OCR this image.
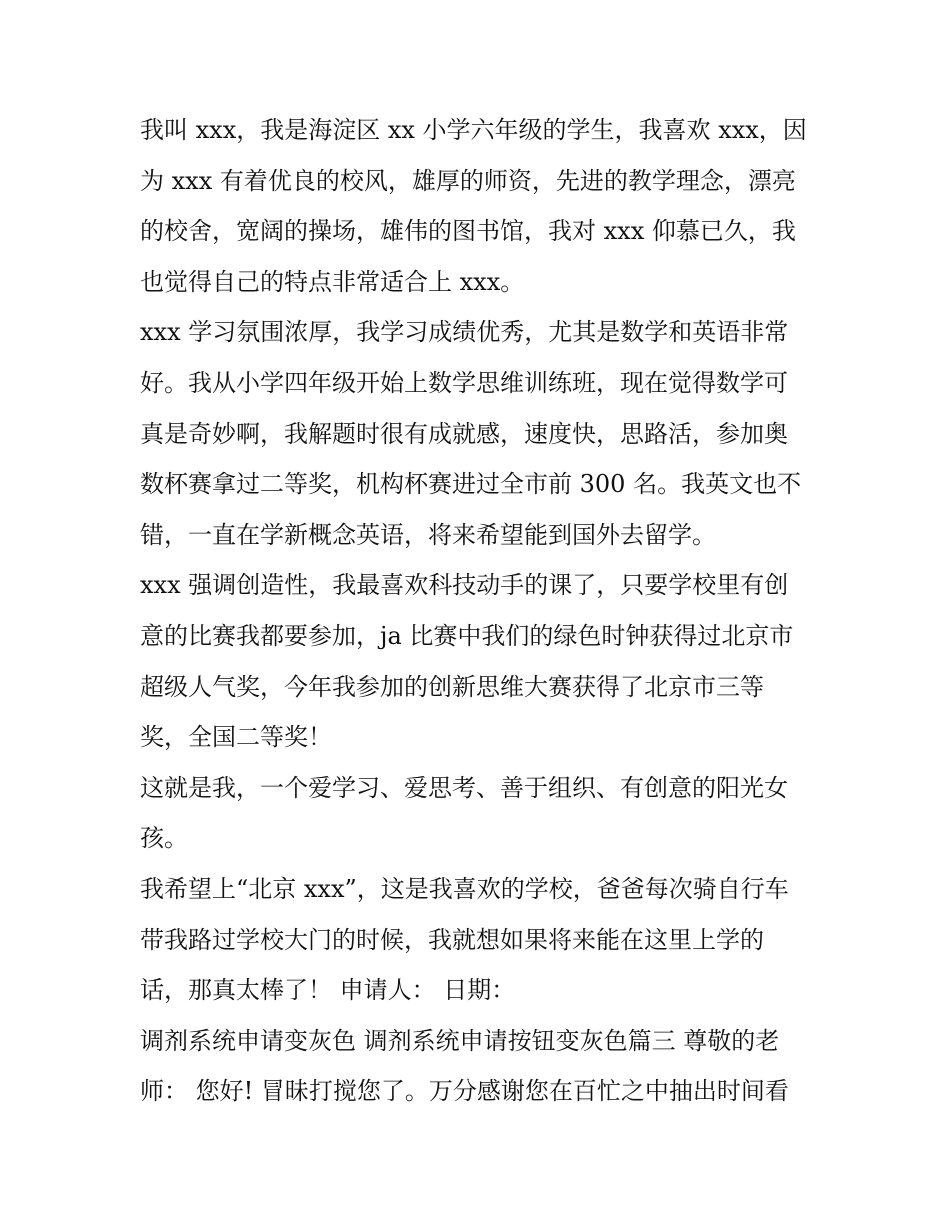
我叫 xxx，我是海淀区 xx 小学六年级的学生，我喜欢 xxx，因
为 xxx 有着优良的校风，雄厚的师资，先进的教学理念，漂亮
的校舍，宽阔的操场，雄伟的图书馆，我对 xxx 仰慕已久，我
也觉得自己的特点非常适合上 xxx。
xxx 学习氛围浓厚，我学习成绩优秀，尤其是数学和英语非常
好。我从小学四年级开始上数学思维训练班，现在觉得数学可
真是奇妙啊，我解题时很有成就感，速度快，思路活，参加奥
数杯赛拿过二等奖，机构杯赛进过全市前 300 名。我英文也不
错，一直在学新概念英语，将来希望能到国外去留学。
xxx 强调创造性，我最喜欢科技动手的课了，只要学校里有创
意的比赛我都要参加，ja 比赛中我们的绿色时钟获得过北京市
超级人气奖，今年我参加的创新思维大赛获得了北京市三等
奖，全国二等奖！
这就是我，一个爱学习、爱思考、善于组织、有创意的阳光女
孩。
我希望上“北京 xxx”，这是我喜欢的学校，爸爸每次骑自行车
带我路过学校大门的时候，我就想如果将来能在这里上学的
话，那真太棒了！ 申请人： 日期：
调剂系统申请变灰色 调剂系统申请按钮变灰色篇三 尊敬的老
师： 您好! 冒昧打搅您了。万分感谢您在百忙之中抽出时间看
